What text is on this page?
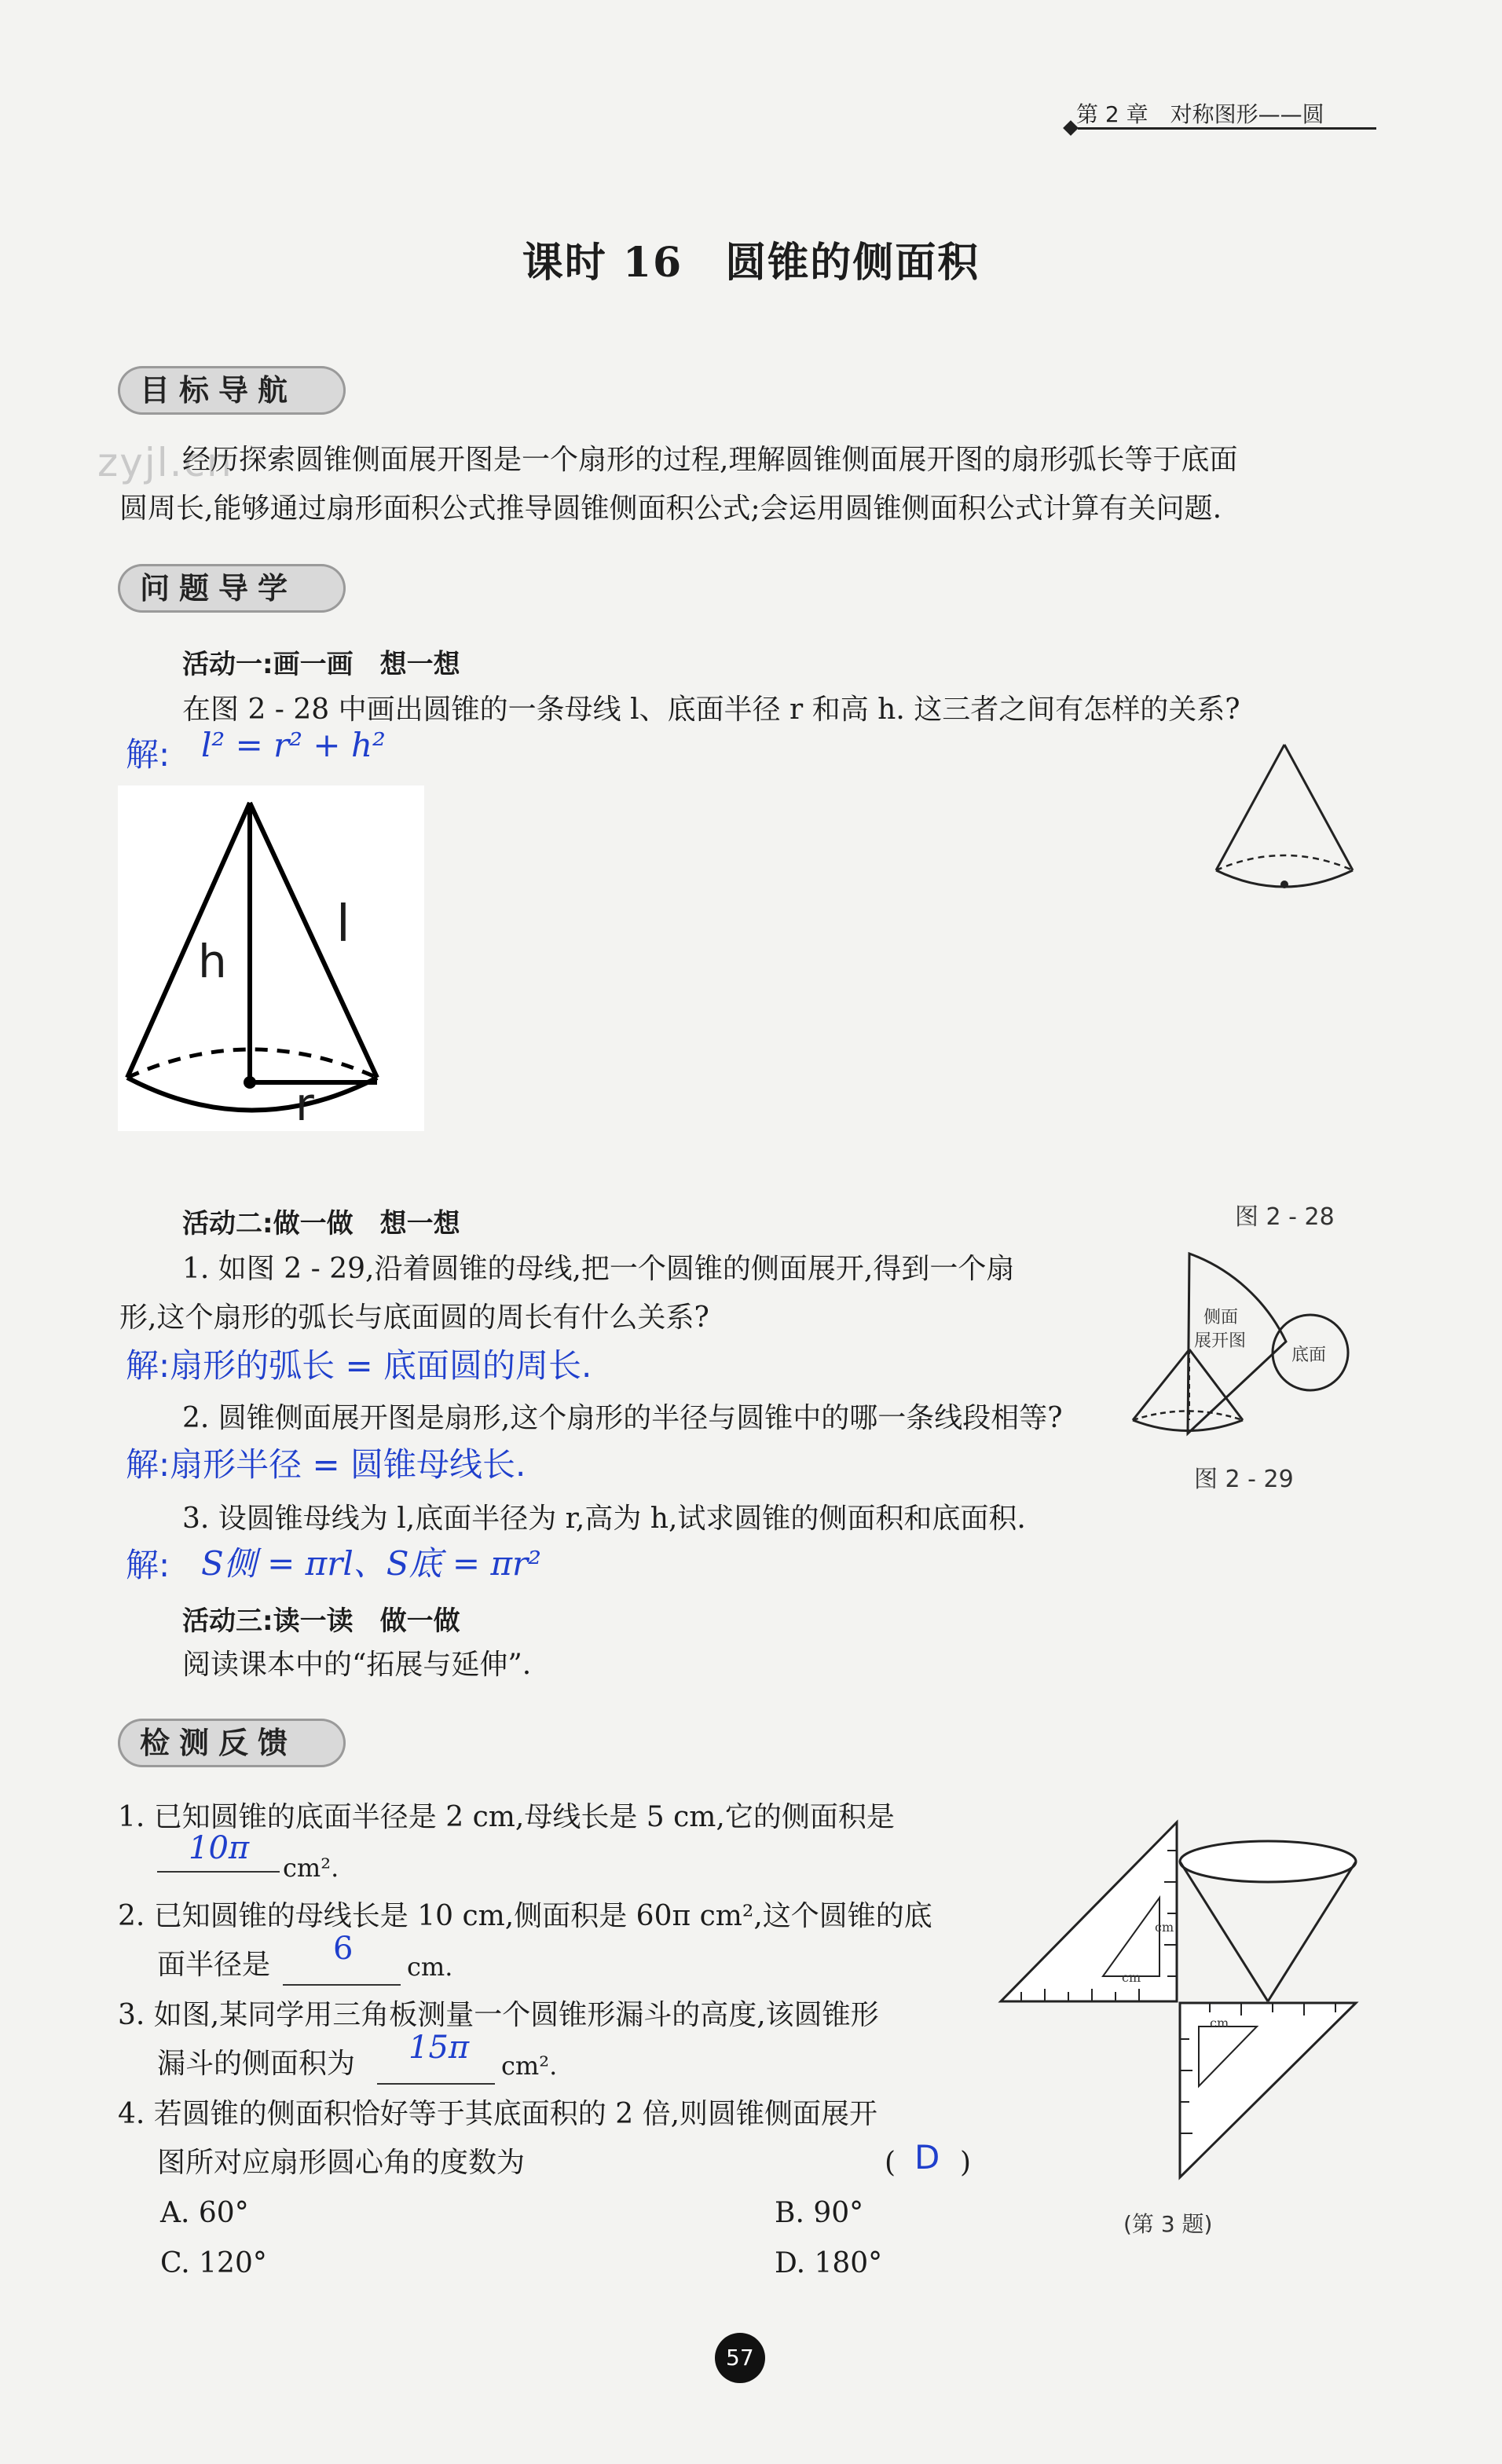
第 2 章　对称图形——圆
课时 16　圆锥的侧面积
目标导航
zyjl.cn
经历探索圆锥侧面展开图是一个扇形的过程,理解圆锥侧面展开图的扇形弧长等于底面
圆周长,能够通过扇形面积公式推导圆锥侧面积公式;会运用圆锥侧面积公式计算有关问题.
问题导学
活动一:画一画　想一想
在图 2 - 28 中画出圆锥的一条母线 l、底面半径 r 和高 h. 这三者之间有怎样的关系?
解: l² = r² + h²
h
l
r
图 2 - 28
活动二:做一做　想一想
1. 如图 2 - 29,沿着圆锥的母线,把一个圆锥的侧面展开,得到一个扇
形,这个扇形的弧长与底面圆的周长有什么关系?
解:扇形的弧长 = 底面圆的周长.
2. 圆锥侧面展开图是扇形,这个扇形的半径与圆锥中的哪一条线段相等?
解:扇形半径 = 圆锥母线长.
3. 设圆锥母线为 l,底面半径为 r,高为 h,试求圆锥的侧面积和底面积.
解: S侧 = πrl、S底 = πr²
侧面
展开图
底面
图 2 - 29
活动三:读一读　做一做
阅读课本中的“拓展与延伸”.
检测反馈
1. 已知圆锥的底面半径是 2 cm,母线长是 5 cm,它的侧面积是
10π
cm².
2. 已知圆锥的母线长是 10 cm,侧面积是 60π cm²,这个圆锥的底
面半径是 6 cm.
3. 如图,某同学用三角板测量一个圆锥形漏斗的高度,该圆锥形
漏斗的侧面积为 15π cm².
4. 若圆锥的侧面积恰好等于其底面积的 2 倍,则圆锥侧面展开
图所对应扇形圆心角的度数为	( D )
A. 60°	B. 90°
C. 120°	D. 180°
cm
cm
cm
(第 3 题)
57
